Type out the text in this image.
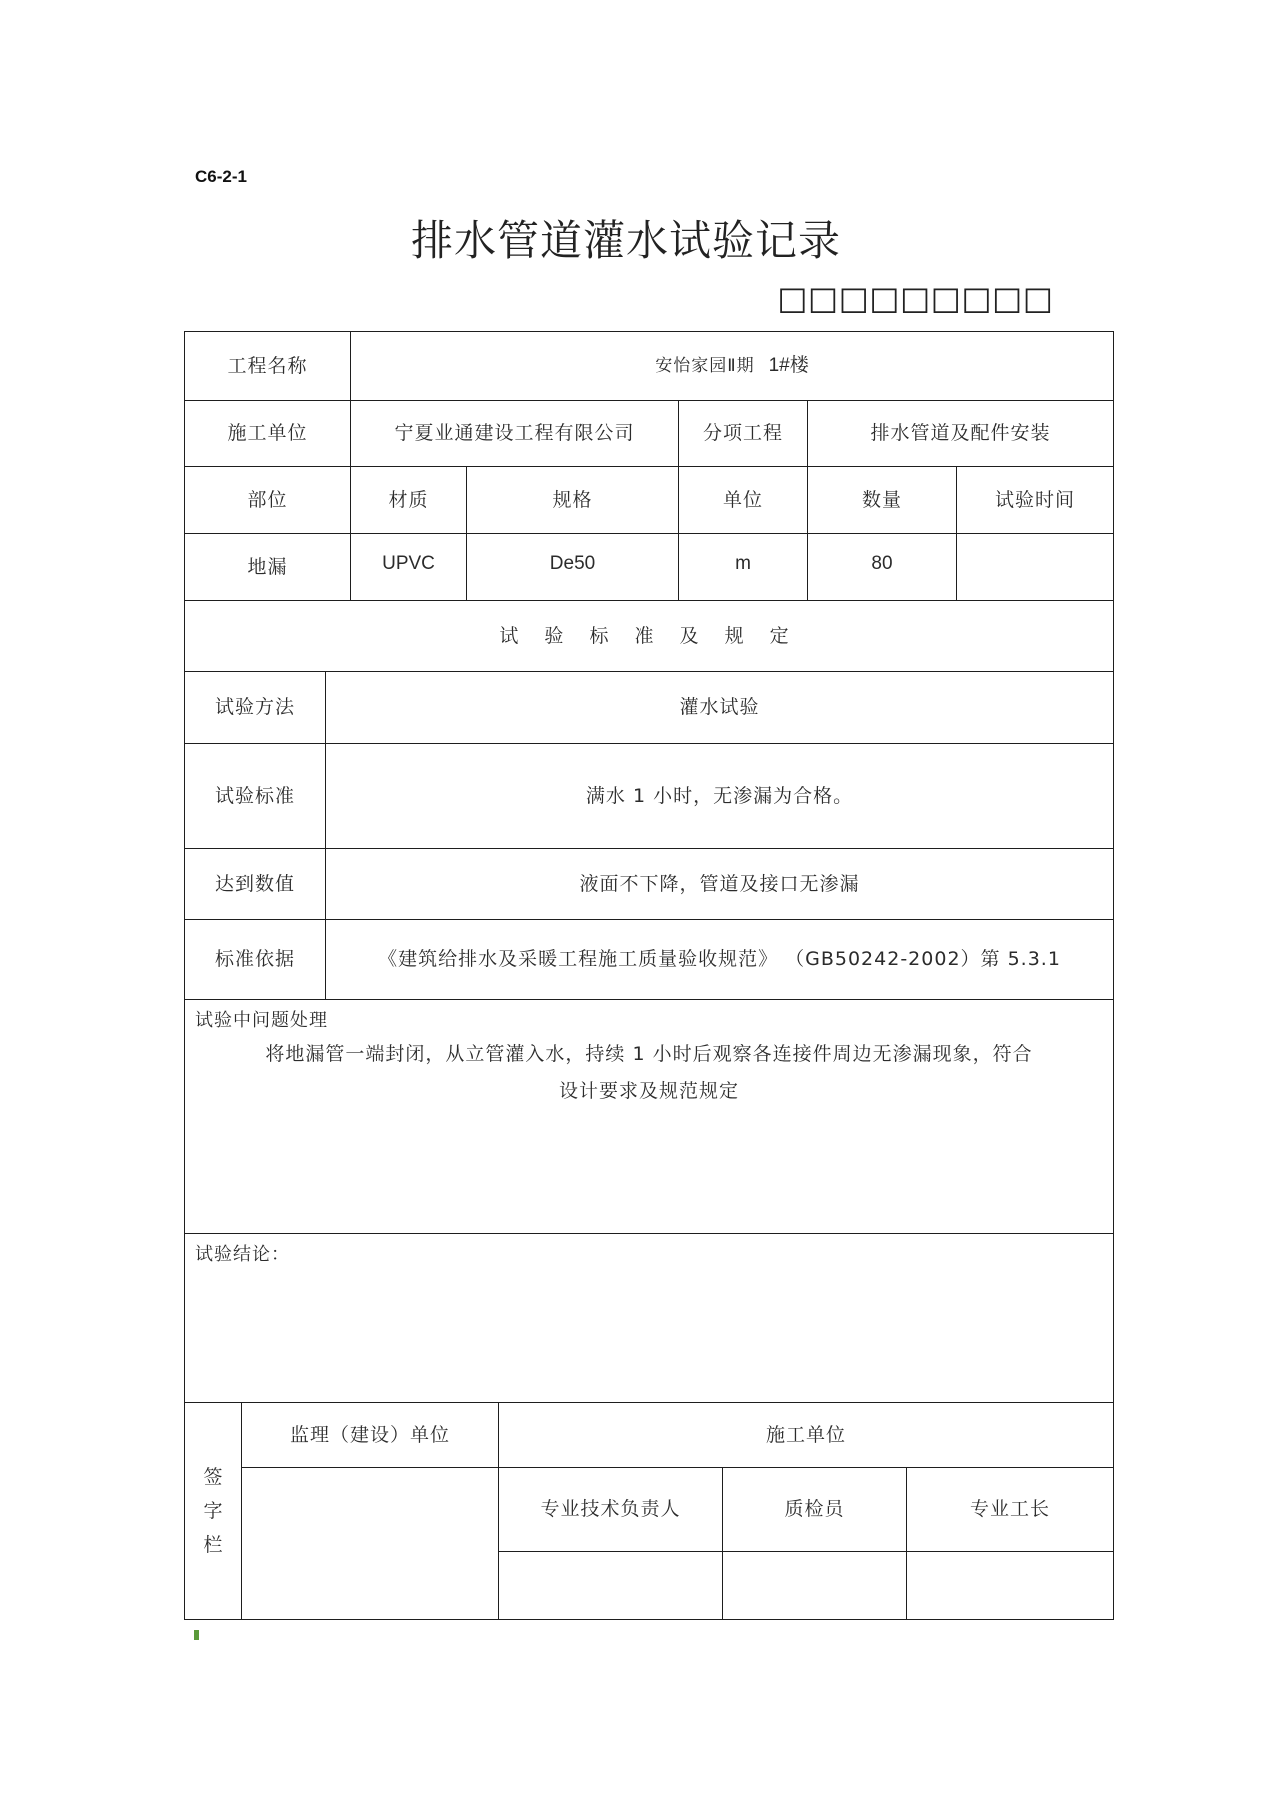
C6-2-1
排水管道灌水试验记录
□ □ □ □ □ □ □ □ □
工程名称	安怡家园Ⅱ期 1#楼
施工单位	宁夏业通建设工程有限公司	分项工程	排水管道及配件安装
部位	材质	规格	单位	数量	试验时间
地漏	UPVC	De50	m	80
试 验 标 准 及 规 定
试验方法	灌水试验
试验标准	满水 1 小时，无渗漏为合格。
达到数值	液面不下降，管道及接口无渗漏
标准依据	《建筑给排水及采暖工程施工质量验收规范》 （GB50242-2002）第 5.3.1
试验中问题处理
将地漏管一端封闭，从立管灌入水，持续 1 小时后观察各连接件周边无渗漏现象，符合
设计要求及规范规定
试验结论：
签字栏
监理（建设）单位	施工单位
专业技术负责人	质检员	专业工长
